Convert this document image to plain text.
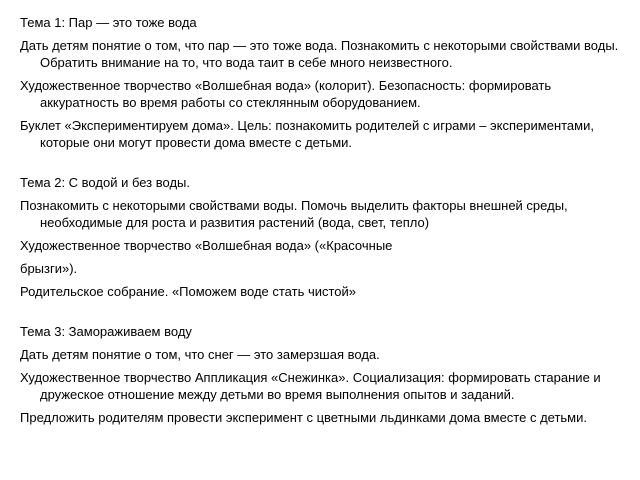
Тема 1: Пар — это тоже вода

Дать детям понятие о том, что пар — это тоже вода. Познакомить с некоторыми свойствами воды. Обратить внимание на то, что вода таит в себе много неизвестного.

Художественное творчество «Волшебная вода» (колорит). Безопасность: формировать аккуратность во время работы со стеклянным оборудованием.

Буклет «Экспериментируем дома». Цель: познакомить родителей с играми – экспериментами, которые они могут провести дома вместе с детьми.

Тема 2: С водой и без воды.

Познакомить с некоторыми свойствами воды. Помочь выделить факторы внешней среды, необходимые для роста и развития растений (вода, свет, тепло)

Художественное творчество «Волшебная вода» («Красочные

брызги»).

Родительское собрание. «Поможем воде стать чистой»

Тема 3: Замораживаем воду

Дать детям понятие о том, что снег — это замерзшая вода.

Художественное творчество Аппликация «Снежинка». Социализация: формировать старание и дружеское отношение между детьми во время выполнения опытов и заданий.

Предложить родителям провести эксперимент с цветными льдинками дома вместе с детьми.
